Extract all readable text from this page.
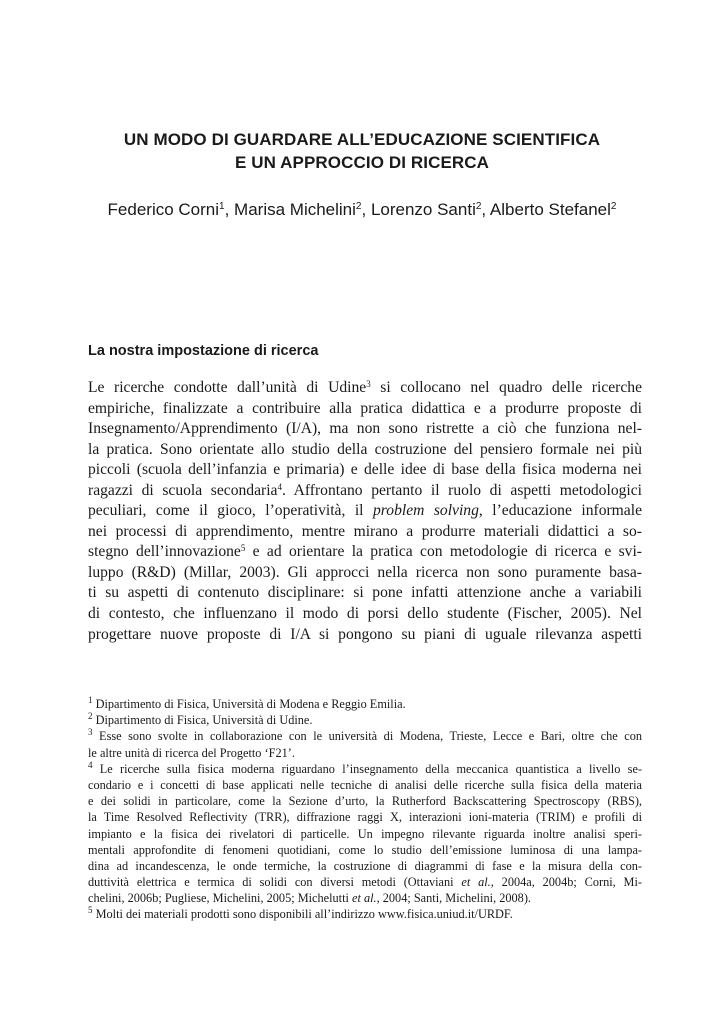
UN MODO DI GUARDARE ALL’EDUCAZIONE SCIENTIFICA
E UN APPROCCIO DI RICERCA
Federico Corni$^1$, Marisa Michelini$^2$, Lorenzo Santi$^2$, Alberto Stefanel$^2$
La nostra impostazione di ricerca
Le ricerche condotte dall’unità di Udine$^3$ si collocano nel quadro delle ricerche
empiriche, finalizzate a contribuire alla pratica didattica e a produrre proposte di
Insegnamento/Apprendimento (I/A), ma non sono ristrette a ciò che funziona nel-
la pratica. Sono orientate allo studio della costruzione del pensiero formale nei più
piccoli (scuola dell’infanzia e primaria) e delle idee di base della fisica moderna nei
ragazzi di scuola secondaria$^4$. Affrontano pertanto il ruolo di aspetti metodologici
peculiari, come il gioco, l’operatività, il problem solving, l’educazione informale
nei processi di apprendimento, mentre mirano a produrre materiali didattici a so-
stegno dell’innovazione$^5$ e ad orientare la pratica con metodologie di ricerca e svi-
luppo (R&D) (Millar, 2003). Gli approcci nella ricerca non sono puramente basa-
ti su aspetti di contenuto disciplinare: si pone infatti attenzione anche a variabili
di contesto, che influenzano il modo di porsi dello studente (Fischer, 2005). Nel
progettare nuove proposte di I/A si pongono su piani di uguale rilevanza aspetti
$^1$ Dipartimento di Fisica, Università di Modena e Reggio Emilia.
$^2$ Dipartimento di Fisica, Università di Udine.
$^3$ Esse sono svolte in collaborazione con le università di Modena, Trieste, Lecce e Bari, oltre che con
le altre unità di ricerca del Progetto ‘F21’.
$^4$ Le ricerche sulla fisica moderna riguardano l’insegnamento della meccanica quantistica a livello se-
condario e i concetti di base applicati nelle tecniche di analisi delle ricerche sulla fisica della materia
e dei solidi in particolare, come la Sezione d’urto, la Rutherford Backscattering Spectroscopy (RBS),
la Time Resolved Reflectivity (TRR), diffrazione raggi X, interazioni ioni-materia (TRIM) e profili di
impianto e la fisica dei rivelatori di particelle. Un impegno rilevante riguarda inoltre analisi speri-
mentali approfondite di fenomeni quotidiani, come lo studio dell’emissione luminosa di una lampa-
dina ad incandescenza, le onde termiche, la costruzione di diagrammi di fase e la misura della con-
duttività elettrica e termica di solidi con diversi metodi (Ottaviani et al., 2004a, 2004b; Corni, Mi-
chelini, 2006b; Pugliese, Michelini, 2005; Michelutti et al., 2004; Santi, Michelini, 2008).
$^5$ Molti dei materiali prodotti sono disponibili all’indirizzo www.fisica.uniud.it/URDF.
